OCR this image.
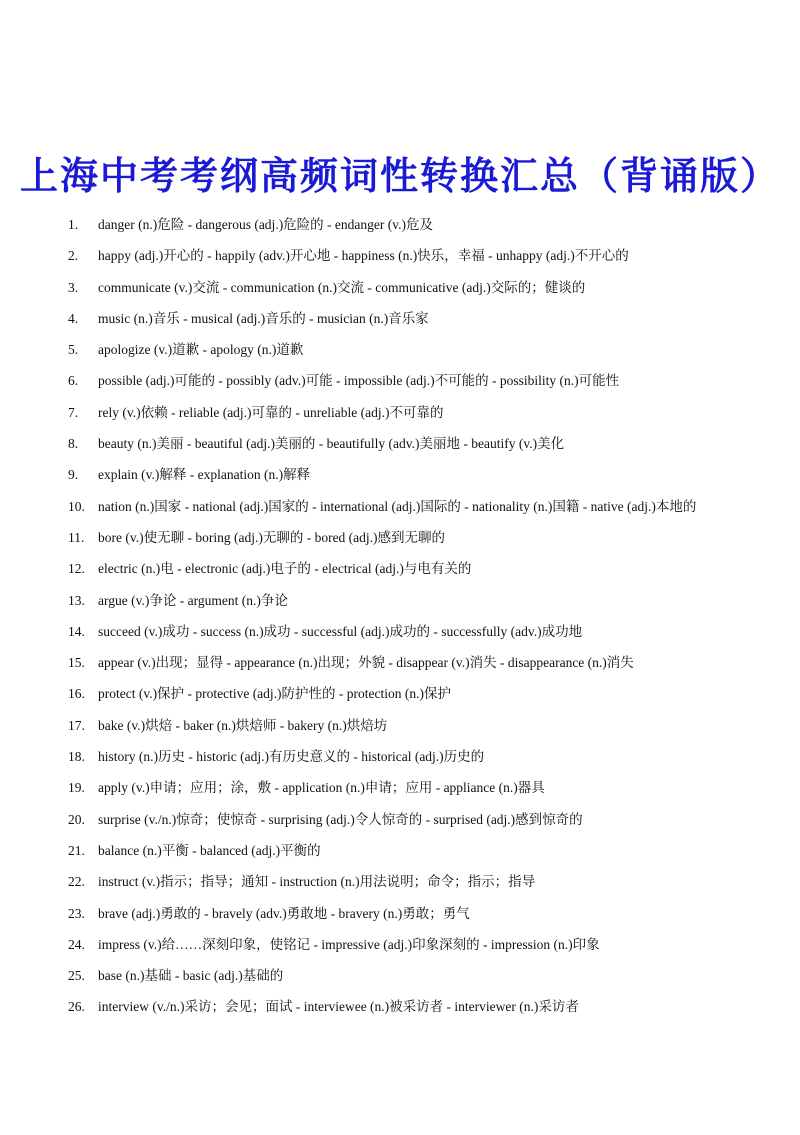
上海中考考纲高频词性转换汇总（背诵版）
1.	danger (n.)危险 - dangerous (adj.)危险的 - endanger (v.)危及
2.	happy (adj.)开心的 - happily (adv.)开心地 - happiness (n.)快乐，幸福 - unhappy (adj.)不开心的
3.	communicate (v.)交流 - communication (n.)交流 - communicative (adj.)交际的；健谈的
4.	music (n.)音乐 - musical (adj.)音乐的 - musician (n.)音乐家
5.	apologize (v.)道歉 - apology (n.)道歉
6.	possible (adj.)可能的 - possibly (adv.)可能 - impossible (adj.)不可能的 - possibility (n.)可能性
7.	rely (v.)依赖 - reliable (adj.)可靠的 - unreliable (adj.)不可靠的
8.	beauty (n.)美丽 - beautiful (adj.)美丽的 - beautifully (adv.)美丽地 - beautify (v.)美化
9.	explain (v.)解释 - explanation (n.)解释
10. nation (n.)国家 - national (adj.)国家的 - international (adj.)国际的 - nationality (n.)国籍 - native (adj.)本地的
11.	bore (v.)使无聊 - boring (adj.)无聊的 - bored (adj.)感到无聊的
12. electric (n.)电 - electronic (adj.)电子的 - electrical (adj.)与电有关的
13. argue (v.)争论 - argument (n.)争论
14. succeed (v.)成功 - success (n.)成功 - successful (adj.)成功的 - successfully (adv.)成功地
15. appear (v.)出现；显得 - appearance (n.)出现；外貌 - disappear (v.)消失 - disappearance (n.)消失
16. protect (v.)保护 - protective (adj.)防护性的 - protection (n.)保护
17. bake (v.)烘焙 - baker (n.)烘焙师 - bakery (n.)烘焙坊
18. history (n.)历史 - historic (adj.)有历史意义的 - historical (adj.)历史的
19. apply (v.)申请；应用；涂，敷 - application (n.)申请；应用 - appliance (n.)器具
20. surprise (v./n.)惊奇；使惊奇 - surprising (adj.)令人惊奇的 - surprised (adj.)感到惊奇的
21. balance (n.)平衡 - balanced (adj.)平衡的
22. instruct (v.)指示；指导；通知 - instruction (n.)用法说明；命令；指示；指导
23. brave (adj.)勇敢的 - bravely (adv.)勇敢地 - bravery (n.)勇敢；勇气
24. impress (v.)给……深刻印象，使铭记 - impressive (adj.)印象深刻的 - impression (n.)印象
25. base (n.)基础 - basic (adj.)基础的
26. interview (v./n.)采访；会见；面试 - interviewee (n.)被采访者 - interviewer (n.)采访者
